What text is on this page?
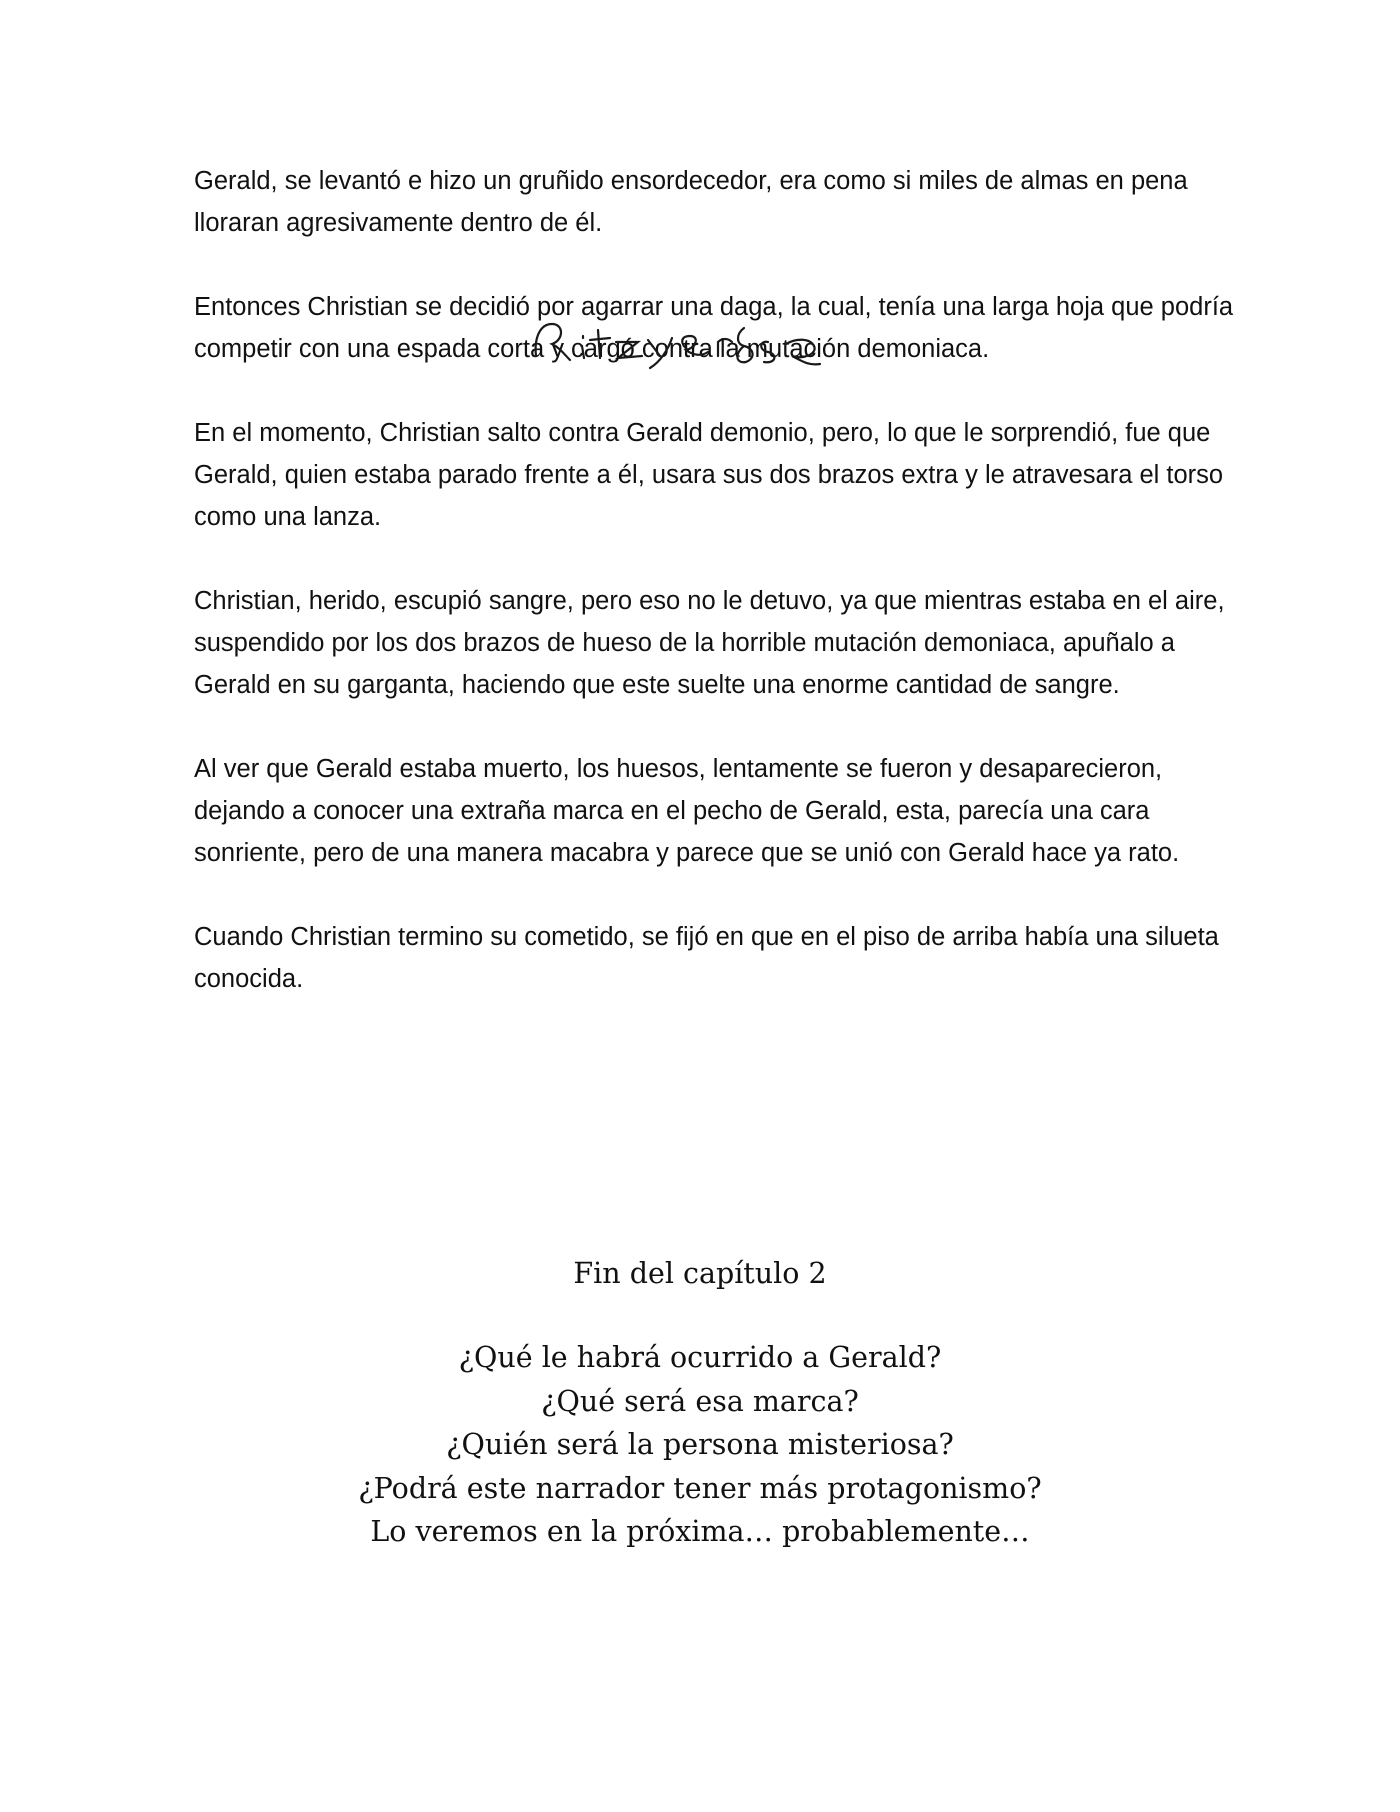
Gerald, se levantó e hizo un gruñido ensordecedor, era como si miles de almas en pena lloraran agresivamente dentro de él.

Entonces Christian se decidió por agarrar una daga, la cual, tenía una larga hoja que podría competir con una espada corta y cargó contra la mutación demoniaca.

En el momento, Christian salto contra Gerald demonio, pero, lo que le sorprendió, fue que Gerald, quien estaba parado frente a él, usara sus dos brazos extra y le atravesara el torso como una lanza.

Christian, herido, escupió sangre, pero eso no le detuvo, ya que mientras estaba en el aire, suspendido por los dos brazos de hueso de la horrible mutación demoniaca, apuñalo a Gerald en su garganta, haciendo que este suelte una enorme cantidad de sangre.

Al ver que Gerald estaba muerto, los huesos, lentamente se fueron y desaparecieron, dejando a conocer una extraña marca en el pecho de Gerald, esta, parecía una cara sonriente, pero de una manera macabra y parece que se unió con Gerald hace ya rato.

Cuando Christian termino su cometido, se fijó en que en el piso de arriba había una silueta conocida.

Fin del capítulo 2
¿Qué le habrá ocurrido a Gerald?
¿Qué será esa marca?
¿Quién será la persona misteriosa?
¿Podrá este narrador tener más protagonismo?
Lo veremos en la próxima… probablemente…
